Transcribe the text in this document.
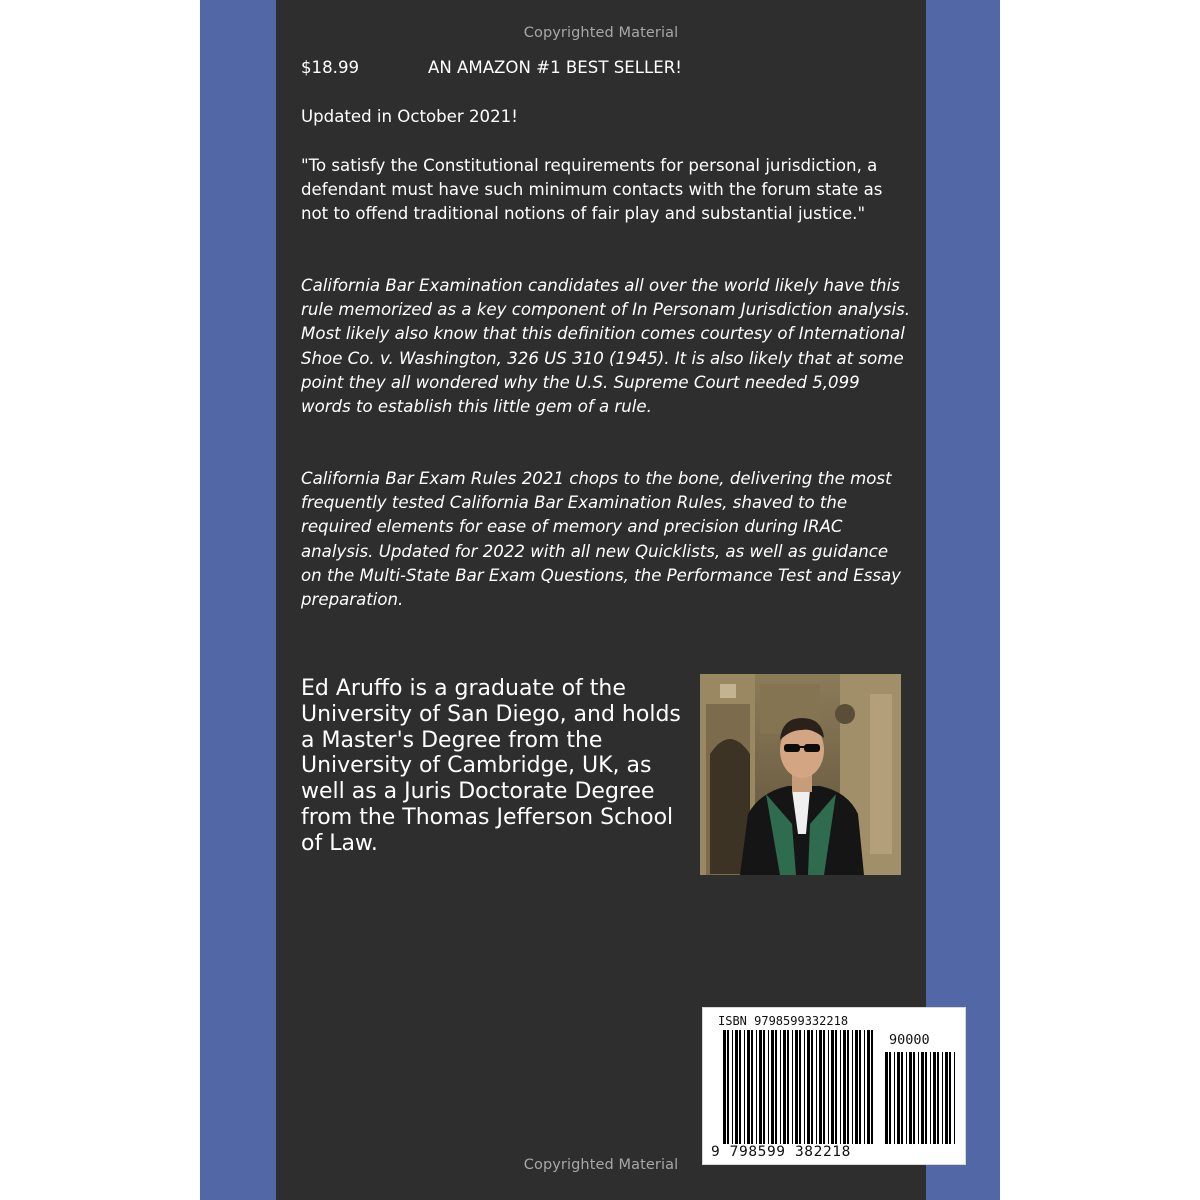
Copyrighted Material
$18.99	AN AMAZON #1 BEST SELLER!
Updated in October 2021!
"To satisfy the Constitutional requirements for personal jurisdiction, a defendant must have such minimum contacts with the forum state as not to offend traditional notions of fair play and substantial justice."
California Bar Examination candidates all over the world likely have this rule memorized as a key component of In Personam Jurisdiction analysis. Most likely also know that this definition comes courtesy of International Shoe Co. v. Washington, 326 US 310 (1945). It is also likely that at some point they all wondered why the U.S. Supreme Court needed 5,099 words to establish this little gem of a rule.
California Bar Exam Rules 2021 chops to the bone, delivering the most frequently tested California Bar Examination Rules, shaved to the required elements for ease of memory and precision during IRAC analysis. Updated for 2022 with all new Quicklists, as well as guidance on the Multi-State Bar Exam Questions, the Performance Test and Essay preparation.
Ed Aruffo is a graduate of the University of San Diego, and holds a Master's Degree from the University of Cambridge, UK, as well as a Juris Doctorate Degree from the Thomas Jefferson School of Law.
ISBN 9798599332218
90000
9 798599 382218
Copyrighted Material
